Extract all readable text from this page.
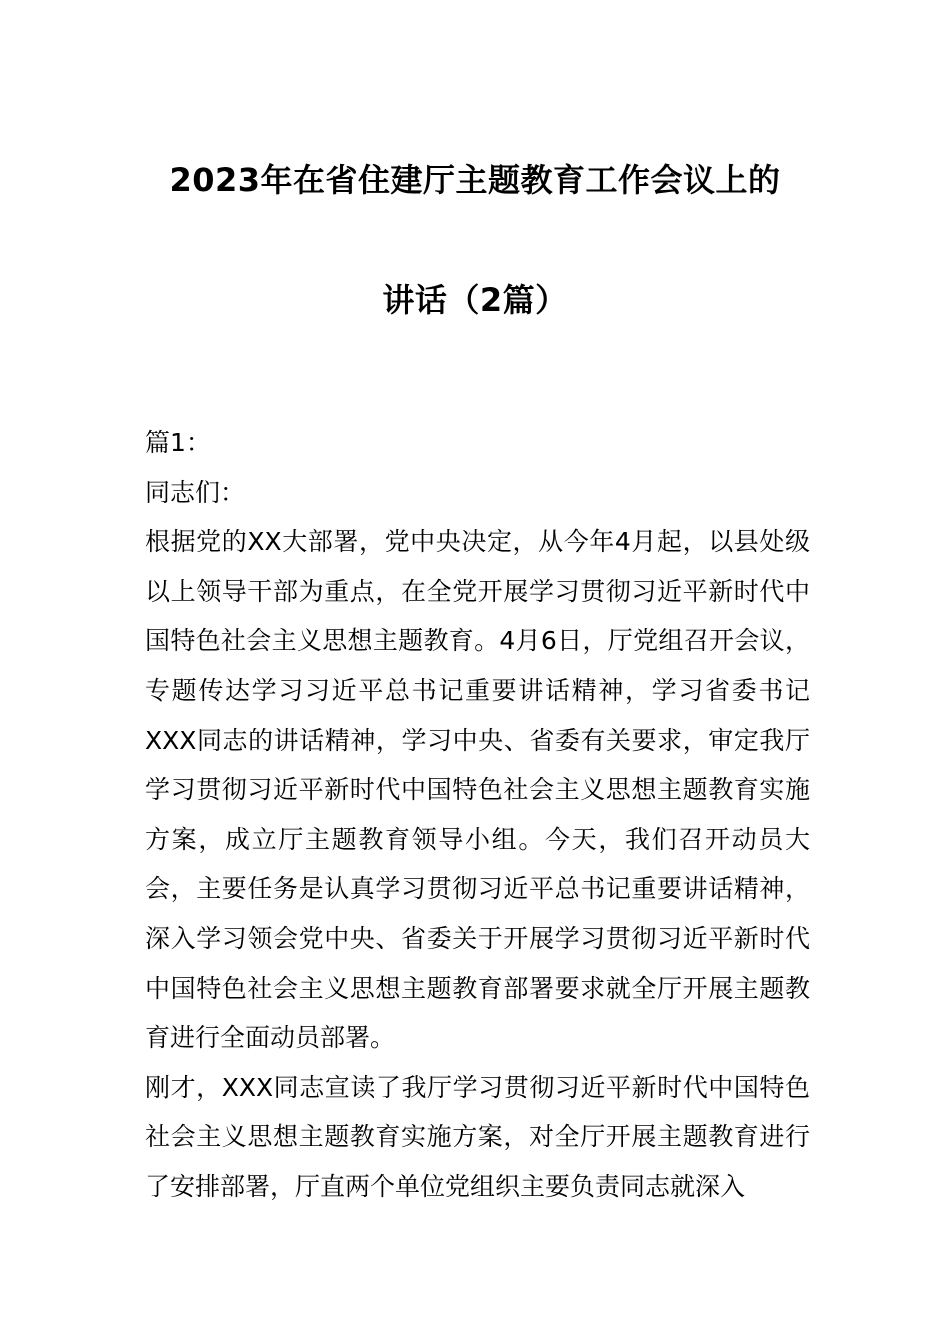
2023年在省住建厅主题教育工作会议上的
讲话（2篇）

篇1：

同志们：

根据党的XX大部署，党中央决定，从今年4月起，以县处级以上领导干部为重点，在全党开展学习贯彻习近平新时代中国特色社会主义思想主题教育。4月6日，厅党组召开会议，专题传达学习习近平总书记重要讲话精神，学习省委书记XXX同志的讲话精神，学习中央、省委有关要求，审定我厅学习贯彻习近平新时代中国特色社会主义思想主题教育实施方案，成立厅主题教育领导小组。今天，我们召开动员大会，主要任务是认真学习贯彻习近平总书记重要讲话精神，深入学习领会党中央、省委关于开展学习贯彻习近平新时代中国特色社会主义思想主题教育部署要求就全厅开展主题教育进行全面动员部署。

刚才，XXX同志宣读了我厅学习贯彻习近平新时代中国特色社会主义思想主题教育实施方案，对全厅开展主题教育进行了安排部署，厅直两个单位党组织主要负责同志就深入
